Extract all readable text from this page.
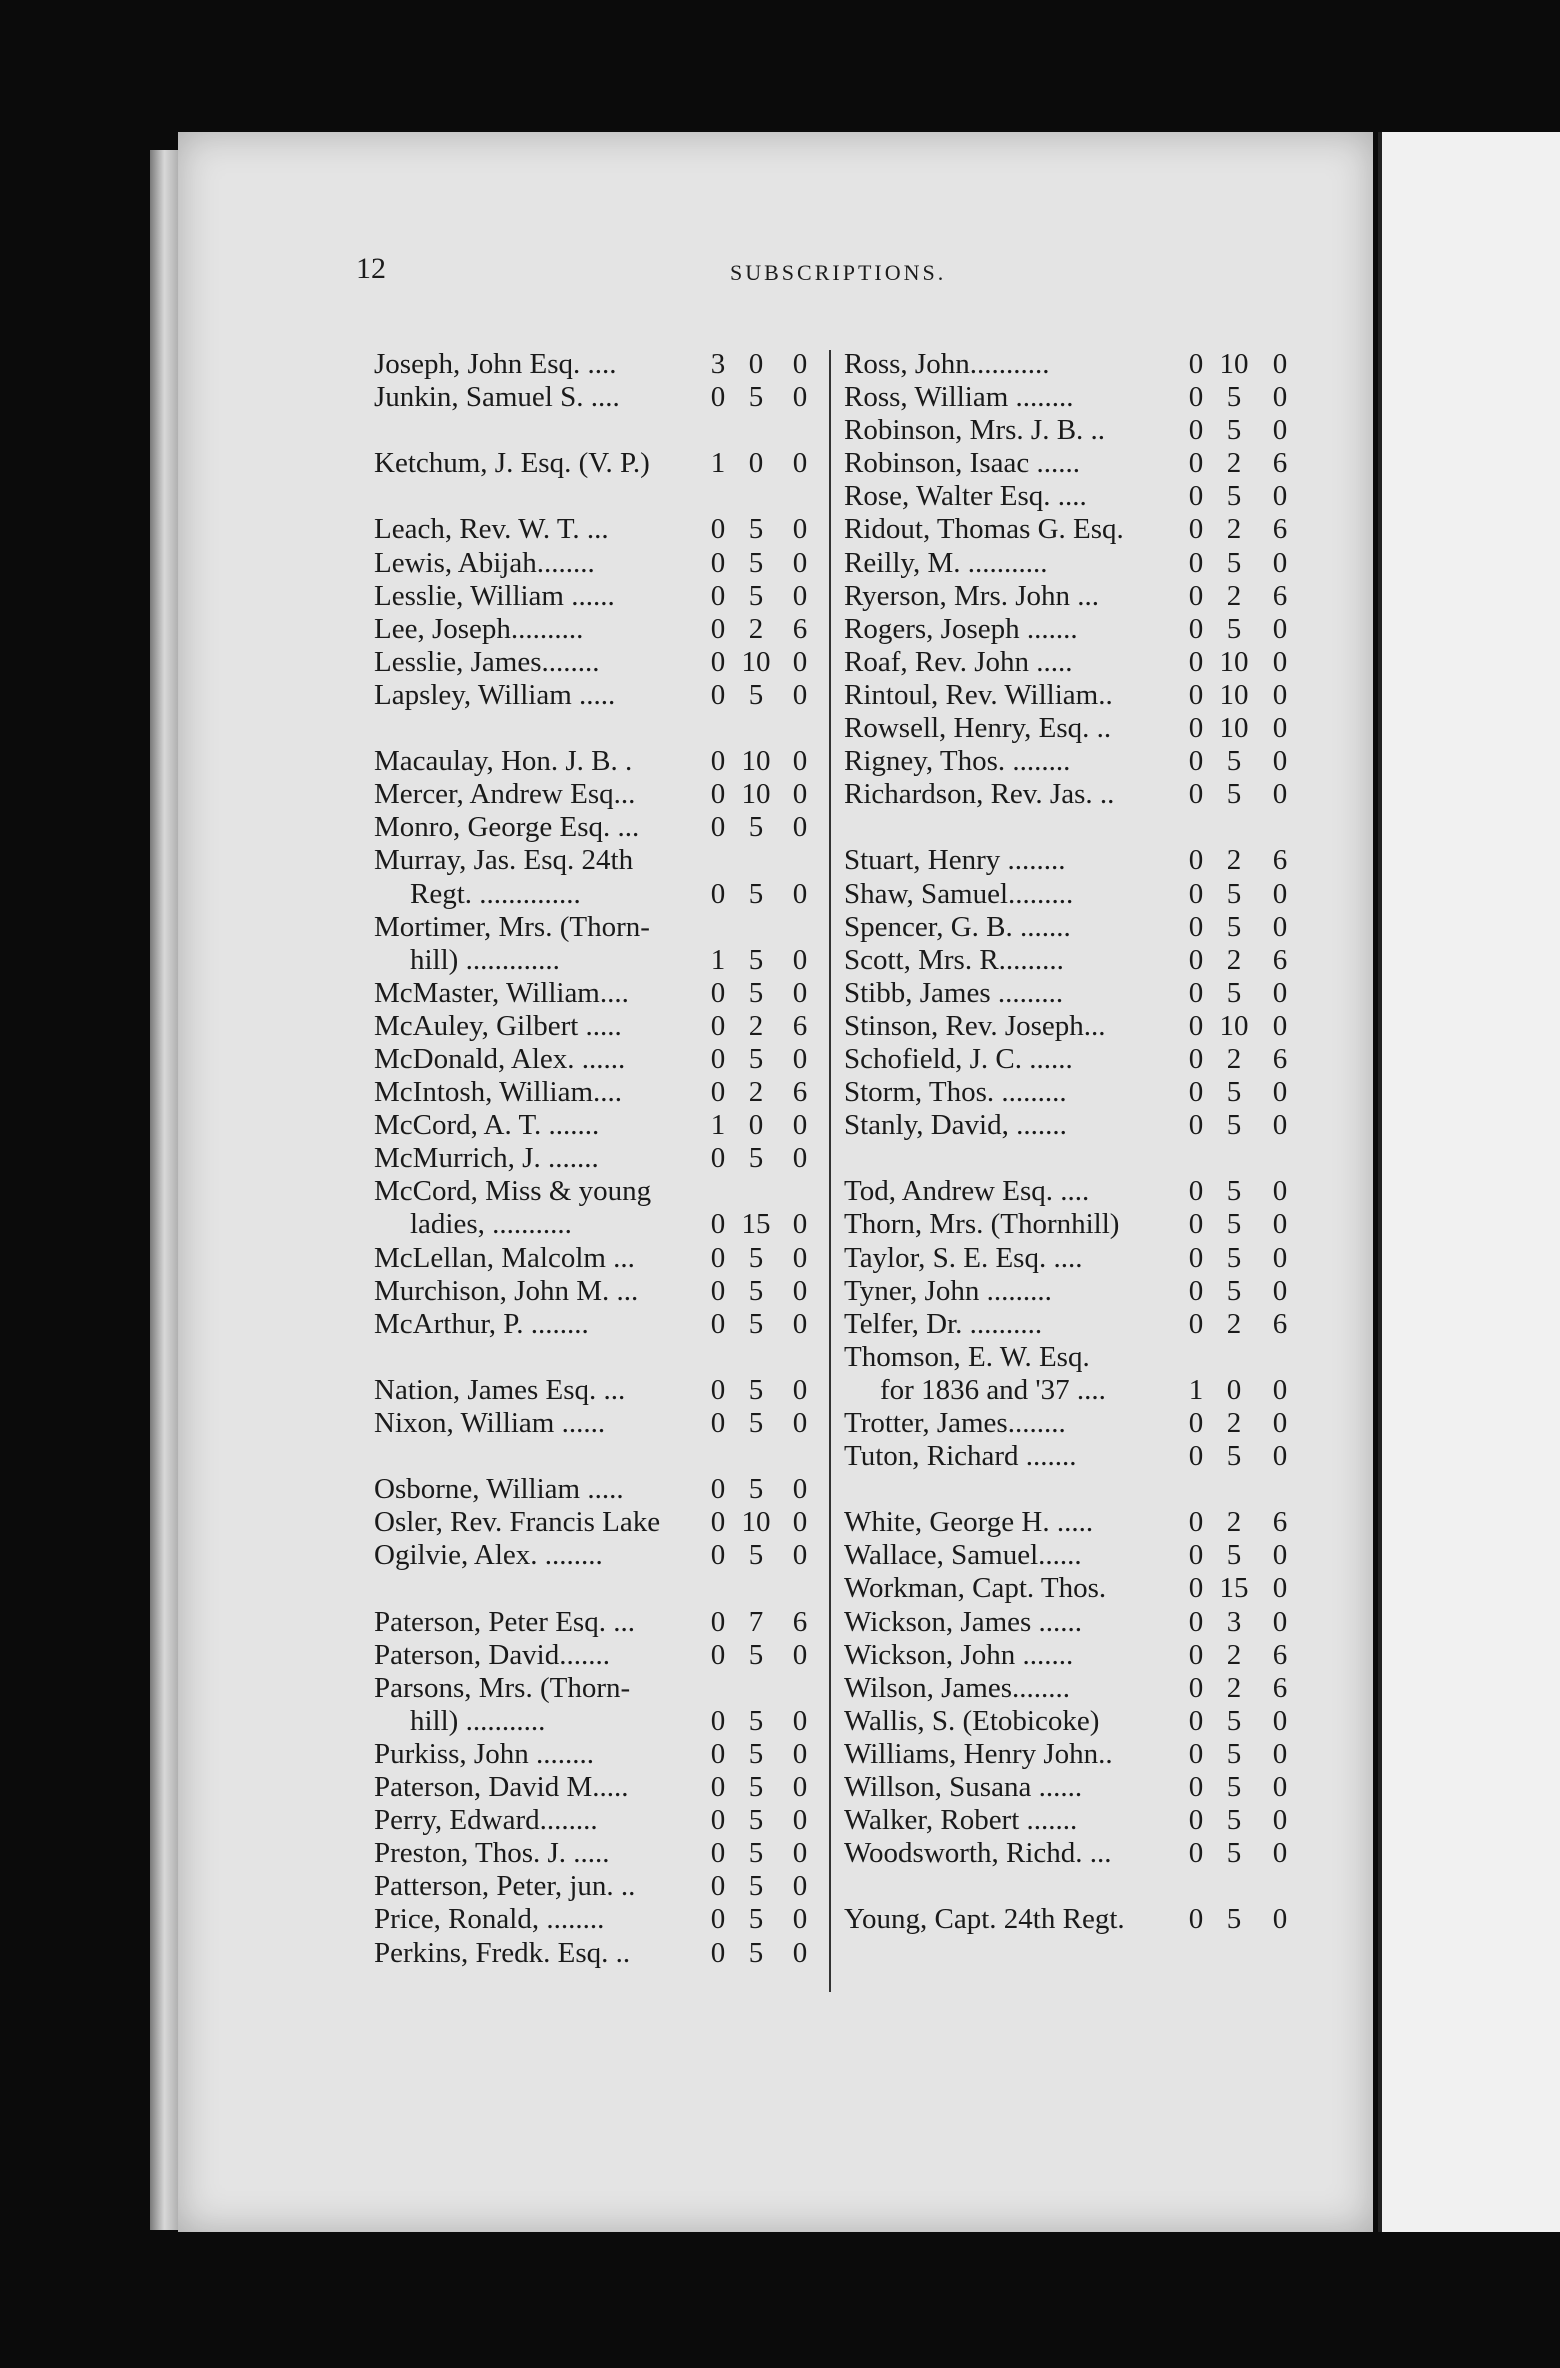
12	SUBSCRIPTIONS.
Joseph, John Esq. ....	3 0	0
Junkin, Samuel S. ....	0 5	0
Ketchum, J. Esq. (V. P.) 1 0	0
Leach, Rev. W. T. ...	0 5	0
Lewis, Abijah........	0 5	0
Lesslie, William ......	0 5	0
Lee, Joseph..........	0 2	6
Lesslie, James........	0 10 0
Lapsley, William .....	0 5	0
Macaulay, Hon. J. B. .	0 10 0
Mercer, Andrew Esq...	0 10 0
Monro, George Esq. ... 0 5	0
Murray, Jas. Esq. 24th
Regt. ..............	0 5	0
Mortimer, Mrs. (Thorn-
hill) .............	1 5	0
McMaster, William....	0 5	0
McAuley, Gilbert .....	0 2	6
McDonald, Alex. ......	0 5	0
McIntosh, William....	0 2	6
McCord, A. T. .......	1 0	0
McMurrich, J. .......	0 5	0
McCord, Miss & young
ladies, ...........	0 15 0
McLellan, Malcolm ...	0 5	0
Murchison, John M. ...	0 5	0
McArthur, P. ........	0 5	0
Nation, James Esq. ...	0 5	0
Nixon, William ......	0 5	0
Osborne, William .....	0 5	0
Osler, Rev. Francis Lake 0 10 0
Ogilvie, Alex. ........	0 5	0
Paterson, Peter Esq. ...	0 7	6
Paterson, David.......	0 5	0
Parsons, Mrs. (Thorn-
hill) ...........	0 5	0
Purkiss, John ........	0 5	0
Paterson, David M.....	0 5	0
Perry, Edward........	0 5	0
Preston, Thos. J. .....	0 5	0
Patterson, Peter, jun. ..	0 5	0
Price, Ronald, ........	0 5	0
Perkins, Fredk. Esq. ..	0 5	0
Ross, John...........	0 10 0
Ross, William ........	0 5	0
Robinson, Mrs. J. B. ..	0 5	0
Robinson, Isaac ......	0 2	6
Rose, Walter Esq. ....	0 5	0
Ridout, Thomas G. Esq. 0 2	6
Reilly, M. ...........	0 5	0
Ryerson, Mrs. John ...	0 2	6
Rogers, Joseph .......	0 5	0
Roaf, Rev. John .....	0 10 0
Rintoul, Rev. William..	0 10 0
Rowsell, Henry, Esq. ..	0 10 0
Rigney, Thos. ........	0 5	0
Richardson, Rev. Jas. ..	0 5	0
Stuart, Henry ........	0 2	6
Shaw, Samuel.........	0 5	0
Spencer, G. B. .......	0 5	0
Scott, Mrs. R.........	0 2	6
Stibb, James .........	0 5	0
Stinson, Rev. Joseph...	0 10 0
Schofield, J. C. ......	0 2	6
Storm, Thos. .........	0 5	0
Stanly, David, .......	0 5	0
Tod, Andrew Esq. ....	0 5	0
Thorn, Mrs. (Thornhill) 0 5	0
Taylor, S. E. Esq. ....	0 5	0
Tyner, John .........	0 5	0
Telfer, Dr. ..........	0 2	6
Thomson, E. W. Esq.
for 1836 and '37 ....	1 0	0
Trotter, James........	0 2	0
Tuton, Richard .......	0 5	0
White, George H. .....	0 2	6
Wallace, Samuel......	0 5	0
Workman, Capt. Thos.	0 15 0
Wickson, James ......	0 3	0
Wickson, John .......	0 2	6
Wilson, James........	0 2	6
Wallis, S. (Etobicoke)	0 5	0
Williams, Henry John..	0 5	0
Willson, Susana ......	0 5	0
Walker, Robert .......	0 5	0
Woodsworth, Richd. ...	0 5	0
Young, Capt. 24th Regt. 0 5	0
